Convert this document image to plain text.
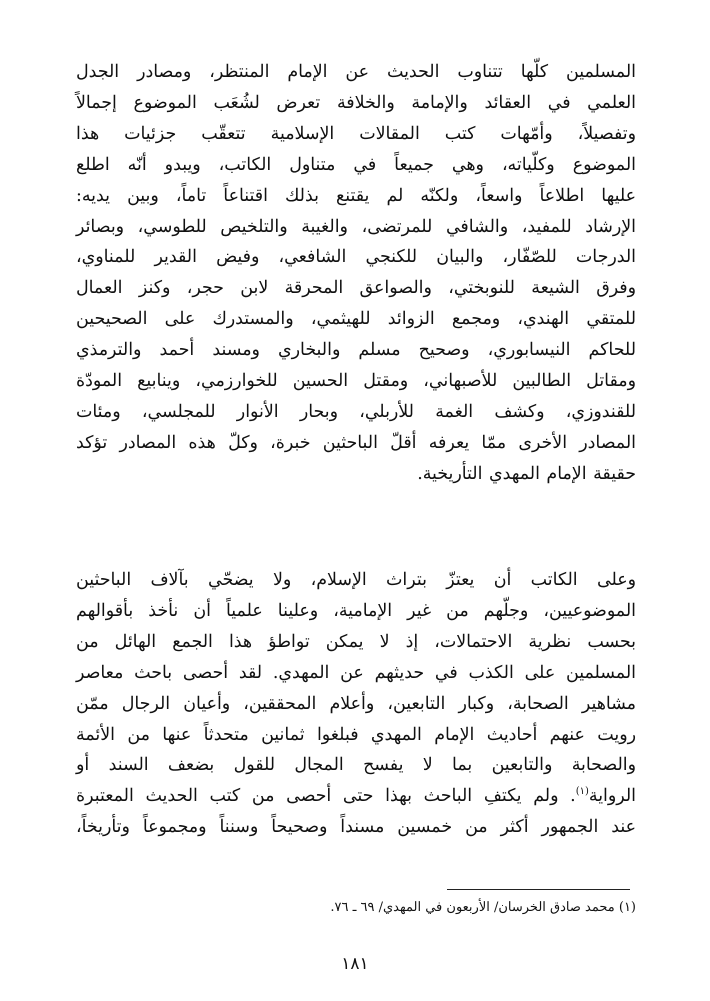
المسلمين كلّها تتناوب الحديث عن الإمام المنتظر، ومصادر الجدل
العلمي في العقائد والإمامة والخلافة تعرض لشُعَب الموضوع إجمالاً
وتفصيلاً، وأمّهات كتب المقالات الإسلامية تتعقّب جزئيات هذا
الموضوع وكلّياته، وهي جميعاً في متناول الكاتب، ويبدو أنّه اطلع
عليها اطلاعاً واسعاً، ولكنّه لم يقتنع بذلك اقتناعاً تاماً، وبين يديه:
الإرشاد للمفيد، والشافي للمرتضى، والغيبة والتلخيص للطوسي، وبصائر
الدرجات للصّفّار، والبيان للكنجي الشافعي، وفيض القدير للمناوي،
وفرق الشيعة للنوبختي، والصواعق المحرقة لابن حجر، وكنز العمال
للمتقي الهندي، ومجمع الزوائد للهيثمي، والمستدرك على الصحيحين
للحاكم النيسابوري، وصحيح مسلم والبخاري ومسند أحمد والترمذي
ومقاتل الطالبين للأصبهاني، ومقتل الحسين للخوارزمي، وينابيع المودّة
للقندوزي، وكشف الغمة للأربلي، وبحار الأنوار للمجلسي، ومئات
المصادر الأخرى ممّا يعرفه أقلّ الباحثين خبرة، وكلّ هذه المصادر تؤكد
حقيقة الإمام المهدي التأريخية.
وعلى الكاتب أن يعتزّ بتراث الإسلام، ولا يضحّي بآلاف الباحثين
الموضوعيين، وجلّهم من غير الإمامية، وعلينا علمياً أن نأخذ بأقوالهم
بحسب نظرية الاحتمالات، إذ لا يمكن تواطؤ هذا الجمع الهائل من
المسلمين على الكذب في حديثهم عن المهدي. لقد أحصى باحث معاصر
مشاهير الصحابة، وكبار التابعين، وأعلام المحققين، وأعيان الرجال ممّن
رويت عنهم أحاديث الإمام المهدي فبلغوا ثمانين متحدثاً عنها من الأئمة
والصحابة والتابعين بما لا يفسح المجال للقول بضعف السند أو
الرواية$^{(١)}$. ولم يكتفِ الباحث بهذا حتى أحصى من كتب الحديث المعتبرة
عند الجمهور أكثر من خمسين مسنداً وصحيحاً وسنناً ومجموعاً وتأريخاً،
(١) محمد صادق الخرسان/ الأربعون في المهدي/ ٦٩ ـ ٧٦.
١٨١
